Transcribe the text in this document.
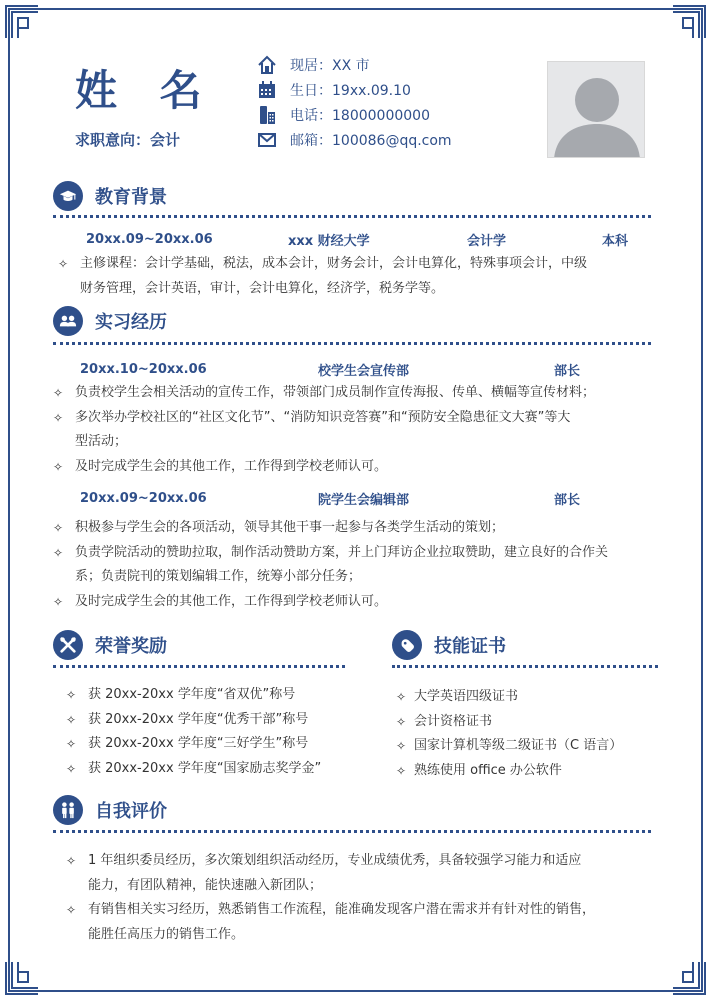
姓 名
求职意向：会计
现居：XX 市
生日：19xx.09.10
电话：18000000000
邮箱：100086@qq.com
教育背景
20xx.09~20xx.06	xxx 财经大学	会计学	本科
✧ 主修课程：会计学基础，税法，成本会计，财务会计，会计电算化，特殊事项会计，中级
财务管理，会计英语，审计，会计电算化，经济学，税务学等。
实习经历
20xx.10~20xx.06	校学生会宣传部	部长
✧ 负责校学生会相关活动的宣传工作，带领部门成员制作宣传海报、传单、横幅等宣传材料；
✧ 多次举办学校社区的“社区文化节”、“消防知识竞答赛”和“预防安全隐患征文大赛”等大
型活动；
✧ 及时完成学生会的其他工作，工作得到学校老师认可。
20xx.09~20xx.06	院学生会编辑部	部长
✧ 积极参与学生会的各项活动，领导其他干事一起参与各类学生活动的策划；
✧ 负责学院活动的赞助拉取，制作活动赞助方案，并上门拜访企业拉取赞助，建立良好的合作关
系；负责院刊的策划编辑工作，统筹小部分任务；
✧ 及时完成学生会的其他工作，工作得到学校老师认可。
荣誉奖励
✧ 获 20xx-20xx 学年度“省双优”称号
✧ 获 20xx-20xx 学年度“优秀干部”称号
✧ 获 20xx-20xx 学年度“三好学生”称号
✧ 获 20xx-20xx 学年度“国家励志奖学金”
技能证书
✧ 大学英语四级证书
✧ 会计资格证书
✧ 国家计算机等级二级证书（C 语言）
✧ 熟练使用 office 办公软件
自我评价
✧ 1 年组织委员经历，多次策划组织活动经历，专业成绩优秀，具备较强学习能力和适应
能力，有团队精神，能快速融入新团队；
✧ 有销售相关实习经历，熟悉销售工作流程，能准确发现客户潜在需求并有针对性的销售，
能胜任高压力的销售工作。
